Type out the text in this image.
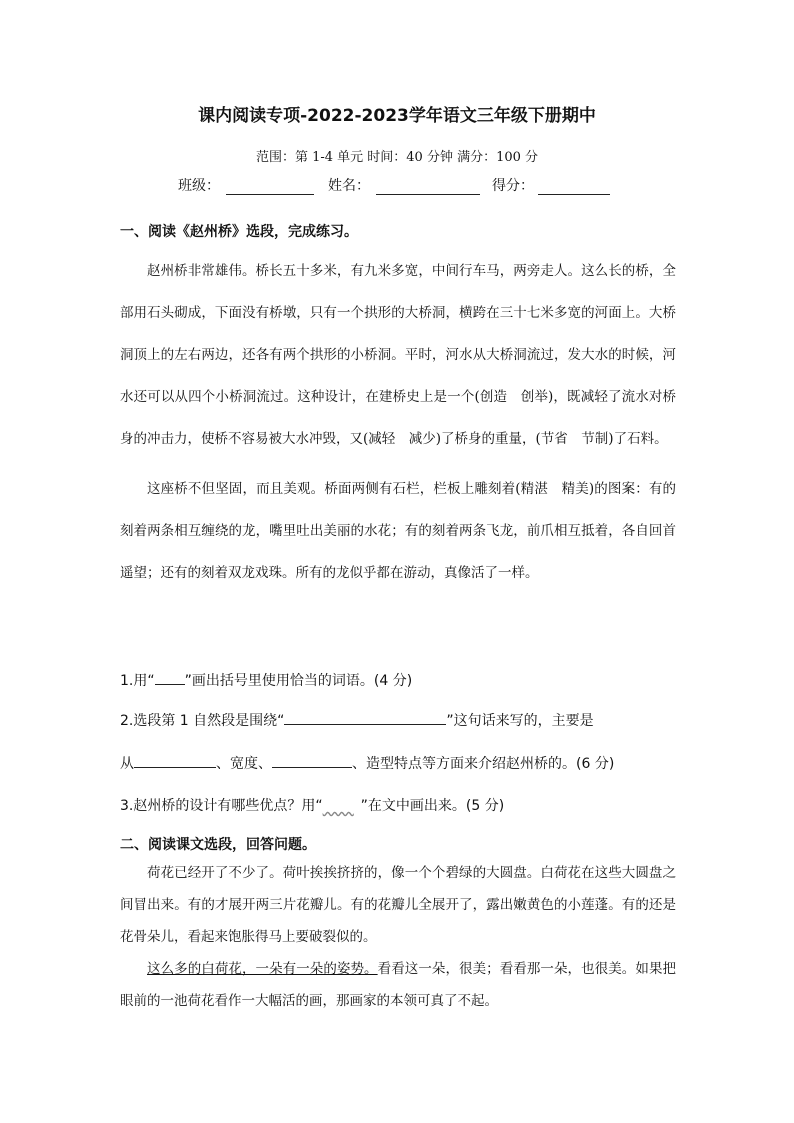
课内阅读专项-2022-2023学年语文三年级下册期中
范围：第 1-4 单元 时间：40 分钟 满分：100 分
班级：	姓名：	得分：
一、阅读《赵州桥》选段，完成练习。

赵州桥非常雄伟。桥长五十多米，有九米多宽，中间行车马，两旁走人。这么长的桥，全部用石头砌成，下面没有桥墩，只有一个拱形的大桥洞，横跨在三十七米多宽的河面上。大桥洞顶上的左右两边，还各有两个拱形的小桥洞。平时，河水从大桥洞流过，发大水的时候，河水还可以从四个小桥洞流过。这种设计，在建桥史上是一个(创造　创举)，既减轻了流水对桥身的冲击力，使桥不容易被大水冲毁，又(减轻　减少)了桥身的重量，(节省　节制)了石料。

这座桥不但坚固，而且美观。桥面两侧有石栏，栏板上雕刻着(精湛　精美)的图案：有的刻着两条相互缠绕的龙，嘴里吐出美丽的水花；有的刻着两条飞龙，前爪相互抵着，各自回首遥望；还有的刻着双龙戏珠。所有的龙似乎都在游动，真像活了一样。

1.用“ ”画出括号里使用恰当的词语。(4 分)
2.选段第 1 自然段是围绕“	”这句话来写的，主要是
从	、宽度、	、造型特点等方面来介绍赵州桥的。(6 分)
3.赵州桥的设计有哪些优点？用“	”在文中画出来。(5 分)
二、阅读课文选段，回答问题。

荷花已经开了不少了。荷叶挨挨挤挤的，像一个个碧绿的大圆盘。白荷花在这些大圆盘之间冒出来。有的才展开两三片花瓣儿。有的花瓣儿全展开了，露出嫩黄色的小莲蓬。有的还是花骨朵儿，看起来饱胀得马上要破裂似的。

这么多的白荷花，一朵有一朵的姿势。看看这一朵，很美；看看那一朵，也很美。如果把眼前的一池荷花看作一大幅活的画，那画家的本领可真了不起。
